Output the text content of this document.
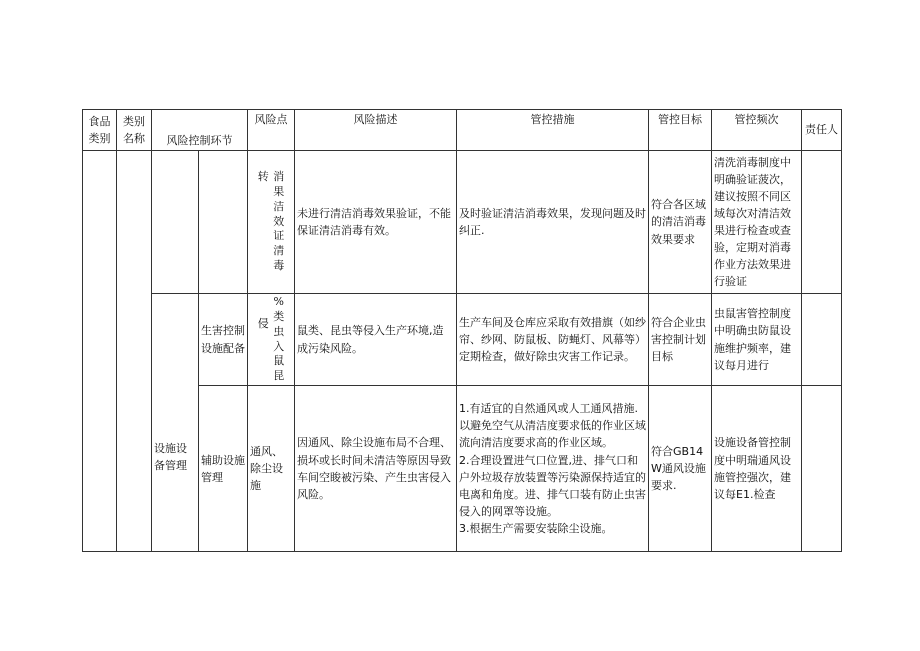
食品类别	类别名称	风险控制环节		风险点	风险描述	管控措施	管控目标	管控频次	责任人

				转 消果洁效证清毒	未进行清洁消毒效果验证，不能保证清洁消毒有效。	及时验证清洁消毒效果，发现问题及时纠正.	符合各区域的清洁消毒效果要求	清洗消毒制度中明确验证菠次，建议按照不同区域每次对清洁效果进行检查或查验，定期对消毒作业方法效果进行验证	

		设施设备管理	生害控制设施配备	侵 %类虫入鼠昆	鼠类、昆虫等侵入生产环境,造成污染风险。	生产车间及仓库应采取有效措旗（如纱帘、纱网、防鼠板、防蝇灯、风幕等）定期检查，做好除虫灾害工作记录。	符合企业虫害控制计划目标	虫鼠害管控制度中明确虫防鼠设施维护频率，建议每月进行	

			辅助设施管理	通风、除尘设施	因通风、除尘设施布局不合理、损坏或长时间未清洁等原因导致车间空睃被污染、产生虫害侵入风险。	1.有适宜的自然通风或人工通风措施.以避免空气从清洁度要求低的作业区域流向清洁度要求高的作业区域。
2.合理设置进气口位置,进、排气口和户外垃圾存放装置等污染源保持适宜的电离和角度。进、排气口装有防止虫害侵入的网罩等设施。
3.根据生产需要安装除尘设施。	符合GB14W通风设施要求.	设施设备管控制度中明瑞通风设施管控强次，建议每E1.检查	
